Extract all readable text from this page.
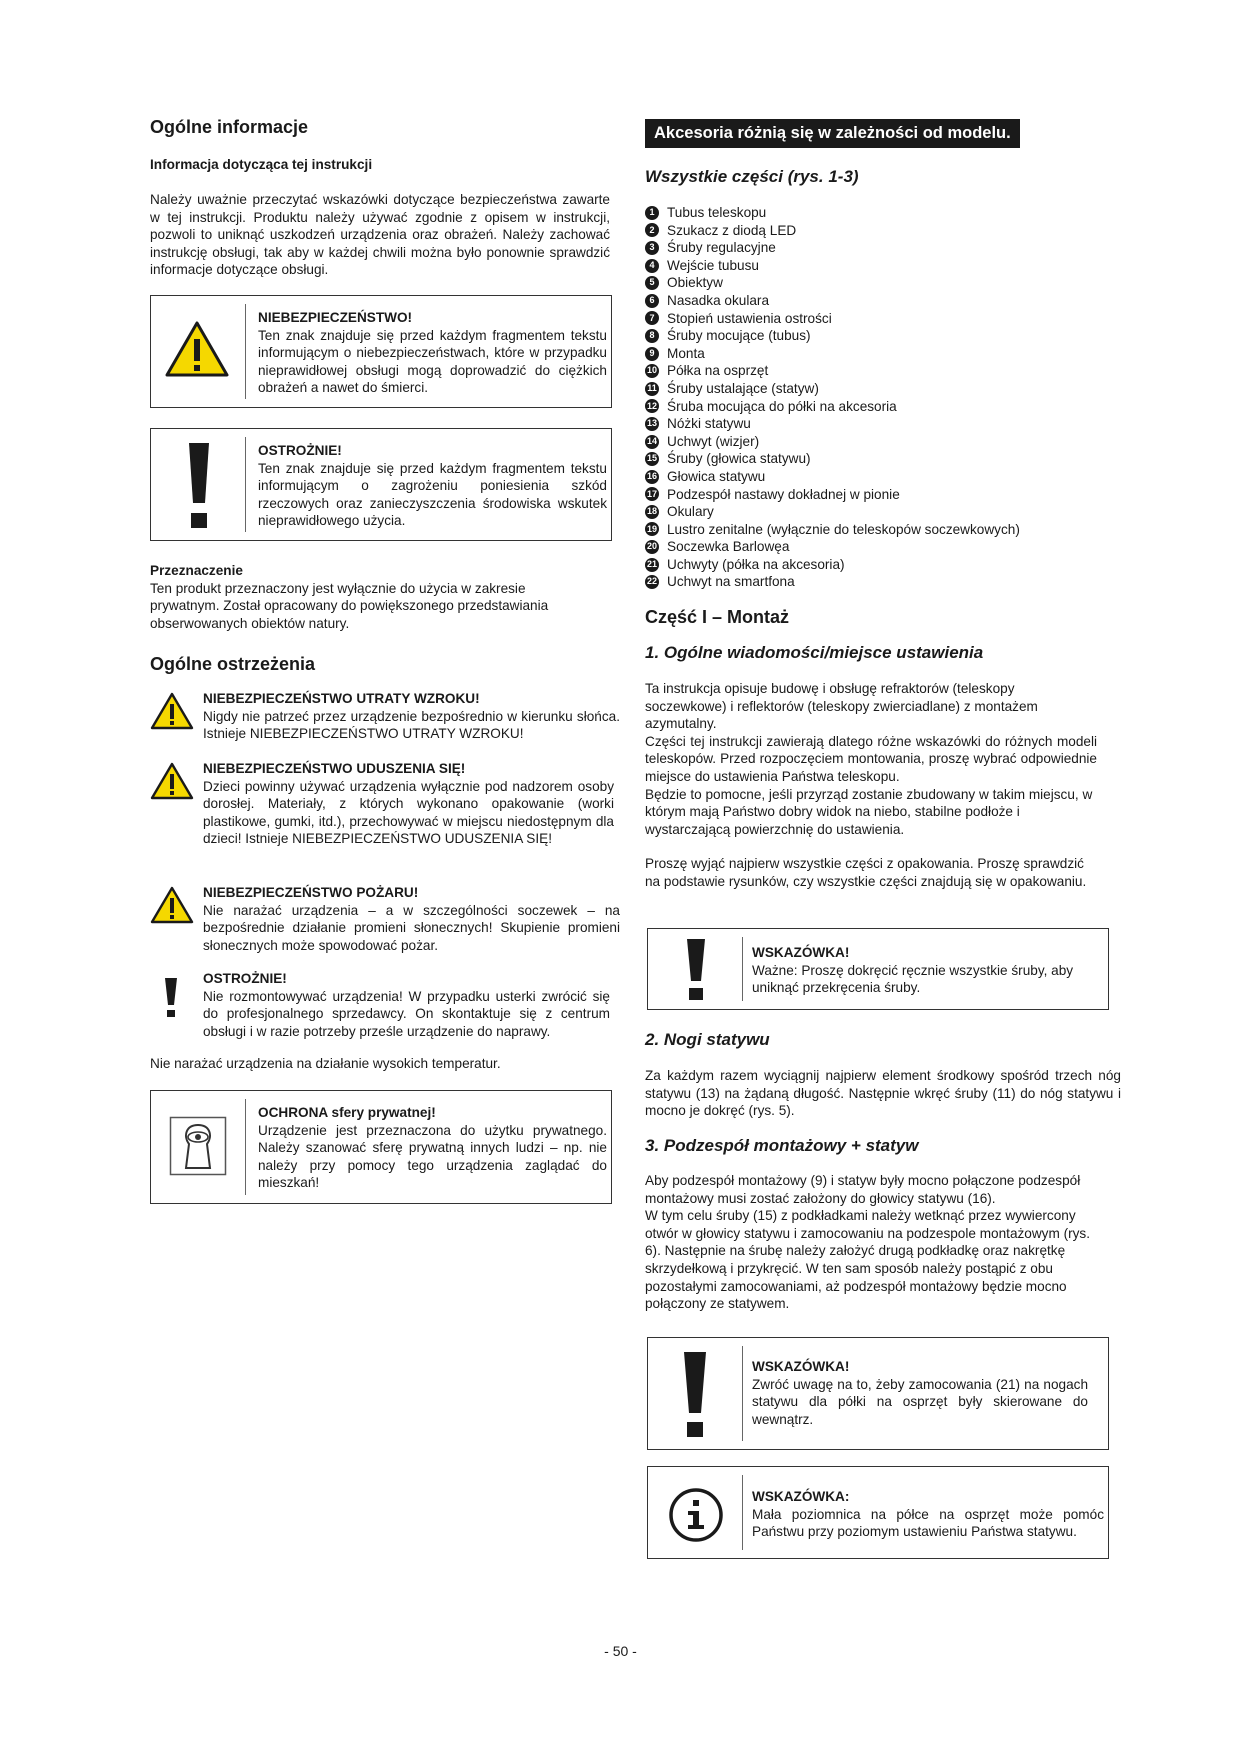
Ogólne informacje
Informacja dotycząca tej instrukcji

Należy uważnie przeczytać wskazówki dotyczące bezpieczeństwa zawarte w tej instrukcji. Produktu należy używać zgodnie z opisem w instrukcji, pozwoli to uniknąć uszkodzeń urządzenia oraz obrażeń. Należy zachować instrukcję obsługi, tak aby w każdej chwili można było ponownie sprawdzić informacje dotyczące obsługi.

NIEBEZPIECZEŃSTWO!
Ten znak znajduje się przed każdym fragmentem tekstu informującym o niebezpieczeństwach, które w przypadku nieprawidłowej obsługi mogą doprowadzić do ciężkich obrażeń a nawet do śmierci.
OSTROŻNIE!
Ten znak znajduje się przed każdym fragmentem tekstu informującym o zagrożeniu poniesienia szkód rzeczowych oraz zanieczyszczenia środowiska wskutek nieprawidłowego użycia.
Przeznaczenie
Ten produkt przeznaczony jest wyłącznie do użycia w zakresie prywatnym. Został opracowany do powiększonego przedstawiania obserwowanych obiektów natury.
Ogólne ostrzeżenia
NIEBEZPIECZEŃSTWO UTRATY WZROKU!
Nigdy nie patrzeć przez urządzenie bezpośrednio w kierunku słońca. Istnieje NIEBEZPIECZEŃSTWO UTRATY WZROKU!
NIEBEZPIECZEŃSTWO UDUSZENIA SIĘ!
Dzieci powinny używać urządzenia wyłącznie pod nadzorem osoby dorosłej. Materiały, z których wykonano opakowanie (worki plastikowe, gumki, itd.), przechowywać w miejscu niedostępnym dla dzieci! Istnieje NIEBEZPIECZEŃSTWO UDUSZENIA SIĘ!
NIEBEZPIECZEŃSTWO POŻARU!
Nie narażać urządzenia – a w szczególności soczewek – na bezpośrednie działanie promieni słonecznych! Skupienie promieni słonecznych może spowodować pożar.
OSTROŻNIE!
Nie rozmontowywać urządzenia! W przypadku usterki zwrócić się do profesjonalnego sprzedawcy. On skontaktuje się z centrum obsługi i w razie potrzeby prześle urządzenie do naprawy.

Nie narażać urządzenia na działanie wysokich temperatur.

OCHRONA sfery prywatnej!
Urządzenie jest przeznaczona do użytku prywatnego. Należy szanować sferę prywatną innych ludzi – np. nie należy przy pomocy tego urządzenia zaglądać do mieszkań!
Akcesoria różnią się w zależności od modelu.
Wszystkie części (rys. 1-3)
1 Tubus teleskopu
2 Szukacz z diodą LED
3 Śruby regulacyjne
4 Wejście tubusu
5 Obiektyw
6 Nasadka okulara
7 Stopień ustawienia ostrości
8 Śruby mocujące (tubus)
9 Monta
10 Półka na osprzęt
11 Śruby ustalające (statyw)
12 Śruba mocująca do półki na akcesoria
13 Nóżki statywu
14 Uchwyt (wizjer)
15 Śruby (głowica statywu)
16 Głowica statywu
17 Podzespół nastawy dokładnej w pionie
18 Okulary
19 Lustro zenitalne (wyłącznie do teleskopów soczewkowych)
20 Soczewka Barlowęa
21 Uchwyty (półka na akcesoria)
22 Uchwyt na smartfona
Część I – Montaż
1. Ogólne wiadomości/miejsce ustawienia

Ta instrukcja opisuje budowę i obsługę refraktorów (teleskopy soczewkowe) i reflektorów (teleskopy zwierciadlane) z montażem azymutalny.

Części tej instrukcji zawierają dlatego różne wskazówki do różnych modeli teleskopów. Przed rozpoczęciem montowania, proszę wybrać odpowiednie miejsce do ustawienia Państwa teleskopu.

Będzie to pomocne, jeśli przyrząd zostanie zbudowany w takim miejscu, w którym mają Państwo dobry widok na niebo, stabilne podłoże i wystarczającą powierzchnię do ustawienia.

Proszę wyjąć najpierw wszystkie części z opakowania. Proszę sprawdzić na podstawie rysunków, czy wszystkie części znajdują się w opakowaniu.

WSKAZÓWKA!
Ważne: Proszę dokręcić ręcznie wszystkie śruby, aby uniknąć przekręcenia śruby.
2. Nogi statywu

Za każdym razem wyciągnij najpierw element środkowy spośród trzech nóg statywu (13) na żądaną długość. Następnie wkręć śruby (11) do nóg statywu i mocno je dokręć (rys. 5).

3. Podzespół montażowy + statyw

Aby podzespół montażowy (9) i statyw były mocno połączone podzespół montażowy musi zostać założony do głowicy statywu (16).

W tym celu śruby (15) z podkładkami należy wetknąć przez wywiercony otwór w głowicy statywu i zamocowaniu na podzespole montażowym (rys. 6). Następnie na śrubę należy założyć drugą podkładkę oraz nakrętkę skrzydełkową i przykręcić. W ten sam sposób należy postąpić z obu pozostałymi zamocowaniami, aż podzespół montażowy będzie mocno połączony ze statywem.

WSKAZÓWKA!
Zwróć uwagę na to, żeby zamocowania (21) na nogach statywu dla półki na osprzęt były skierowane do wewnątrz.
WSKAZÓWKA:
Mała poziomnica na półce na osprzęt może pomóc Państwu przy poziomym ustawieniu Państwa statywu.
- 50 -
